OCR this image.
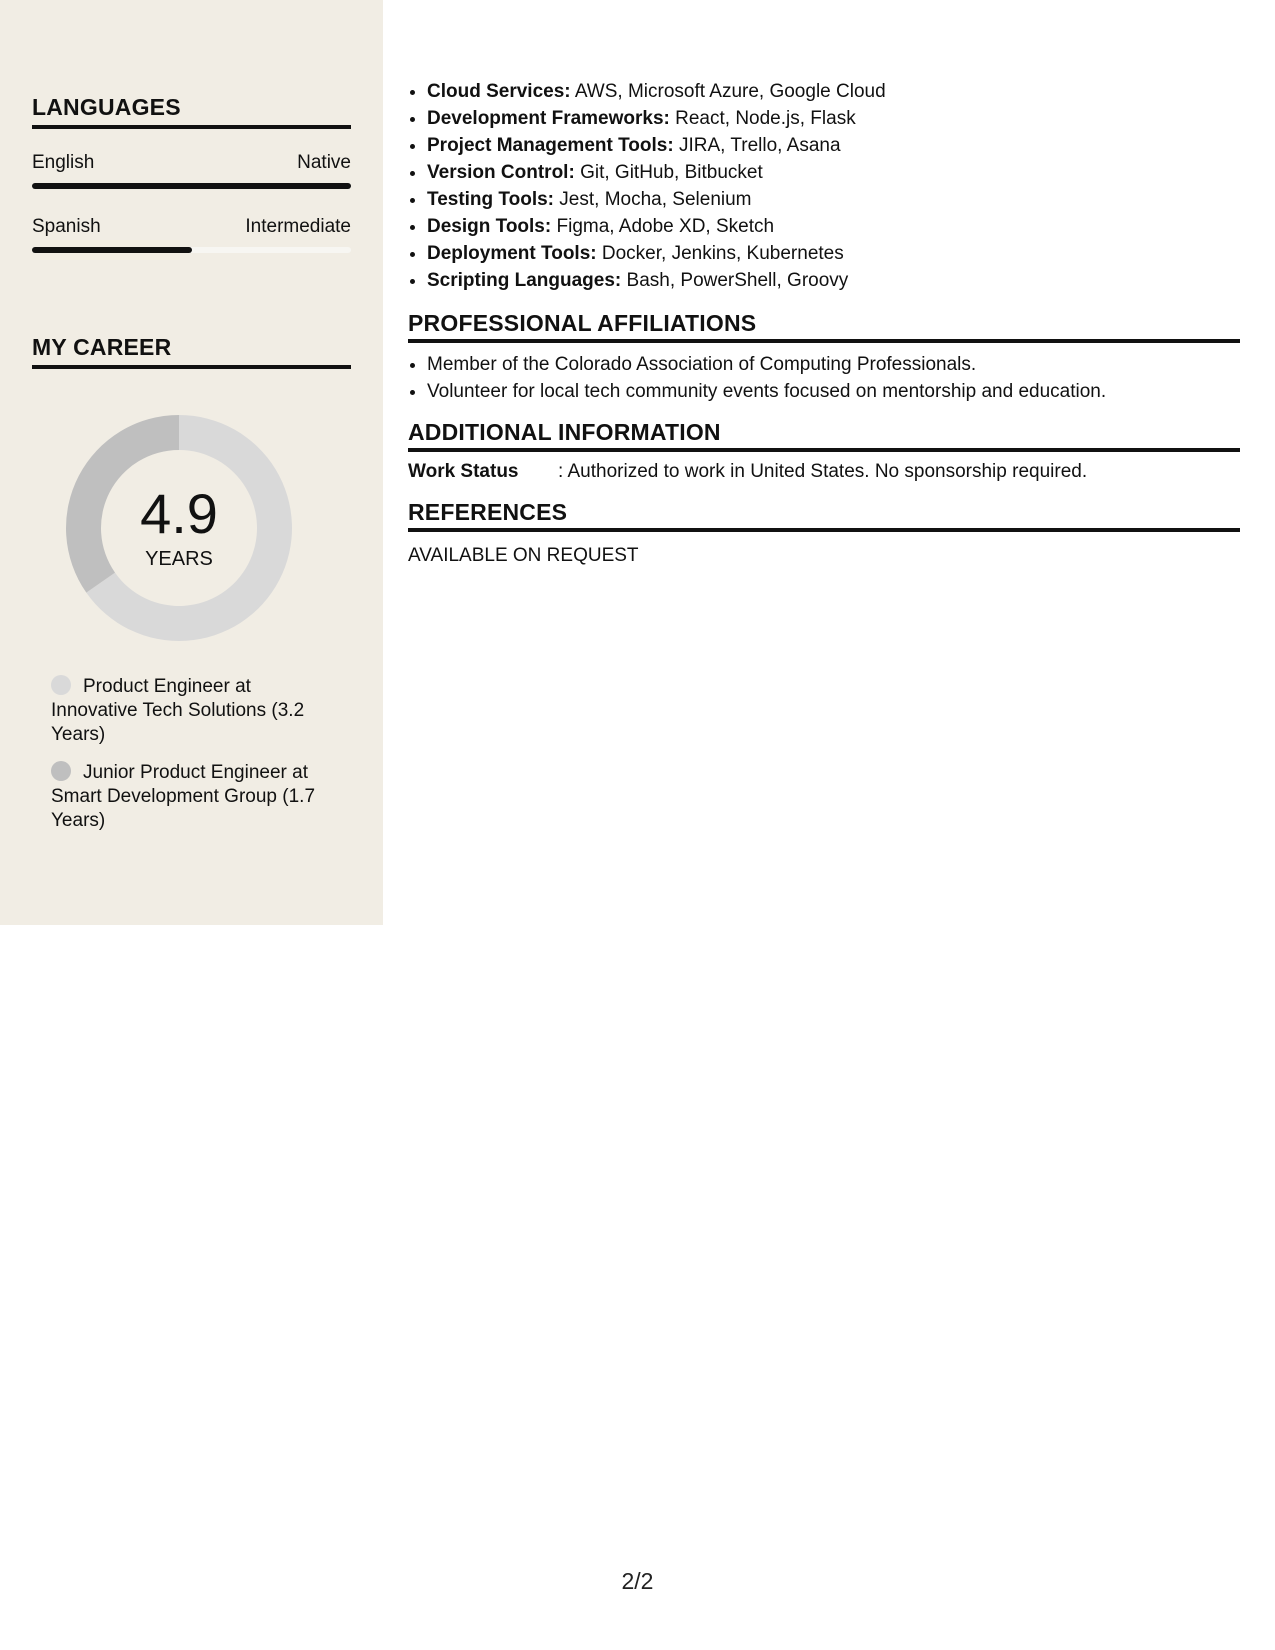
LANGUAGES
English	Native
Spanish	Intermediate
MY CAREER
4.9
YEARS
Product Engineer at Innovative Tech Solutions (3.2 Years)
Junior Product Engineer at Smart Development Group (1.7 Years)
• Cloud Services: AWS, Microsoft Azure, Google Cloud
• Development Frameworks: React, Node.js, Flask
• Project Management Tools: JIRA, Trello, Asana
• Version Control: Git, GitHub, Bitbucket
• Testing Tools: Jest, Mocha, Selenium
• Design Tools: Figma, Adobe XD, Sketch
• Deployment Tools: Docker, Jenkins, Kubernetes
• Scripting Languages: Bash, PowerShell, Groovy
PROFESSIONAL AFFILIATIONS
• Member of the Colorado Association of Computing Professionals.
• Volunteer for local tech community events focused on mentorship and education.
ADDITIONAL INFORMATION
Work Status	: Authorized to work in United States. No sponsorship required.
REFERENCES
AVAILABLE ON REQUEST
2/2
